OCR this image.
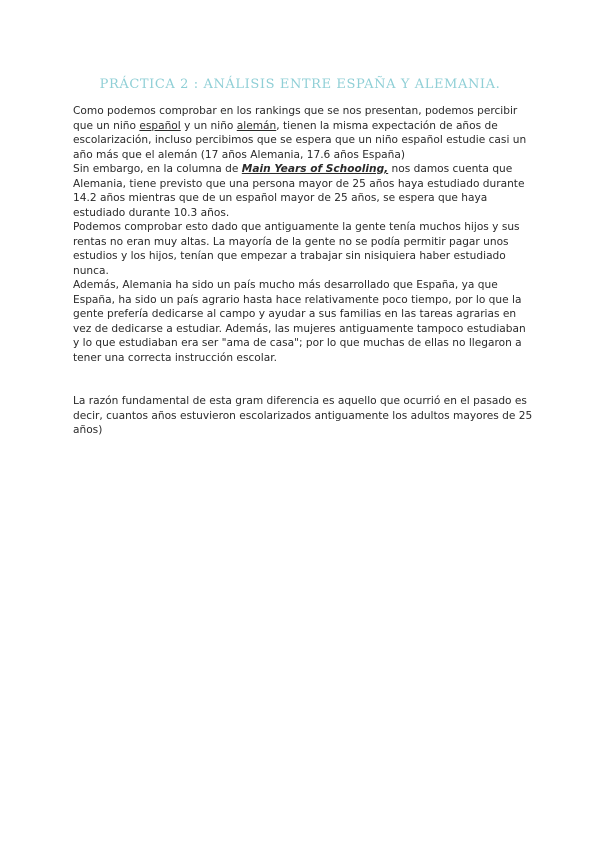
PRÁCTICA 2 : ANÁLISIS ENTRE ESPAÑA Y ALEMANIA.

Como podemos comprobar en los rankings que se nos presentan, podemos percibir que un niño español y un niño alemán, tienen la misma expectación de años de escolarización, incluso percibimos que se espera que un niño español estudie casi un año más que el alemán (17 años Alemania, 17.6 años España)

Sin embargo, en la columna de Main Years of Schooling, nos damos cuenta que Alemania, tiene previsto que una persona mayor de 25 años haya estudiado durante 14.2 años mientras que de un español mayor de 25 años, se espera que haya estudiado durante 10.3 años.

Podemos comprobar esto dado que antiguamente la gente tenía muchos hijos y sus rentas no eran muy altas. La mayoría de la gente no se podía permitir pagar unos estudios y los hijos, tenían que empezar a trabajar sin nisiquiera haber estudiado nunca.

Además, Alemania ha sido un país mucho más desarrollado que España, ya que España, ha sido un país agrario hasta hace relativamente poco tiempo, por lo que la gente prefería dedicarse al campo y ayudar a sus familias en las tareas agrarias en vez de dedicarse a estudiar. Además, las mujeres antiguamente tampoco estudiaban y lo que estudiaban era ser "ama de casa"; por lo que muchas de ellas no llegaron a tener una correcta instrucción escolar.

La razón fundamental de esta gram diferencia es aquello que ocurrió en el pasado es decir, cuantos años estuvieron escolarizados antiguamente los adultos mayores de 25 años)
